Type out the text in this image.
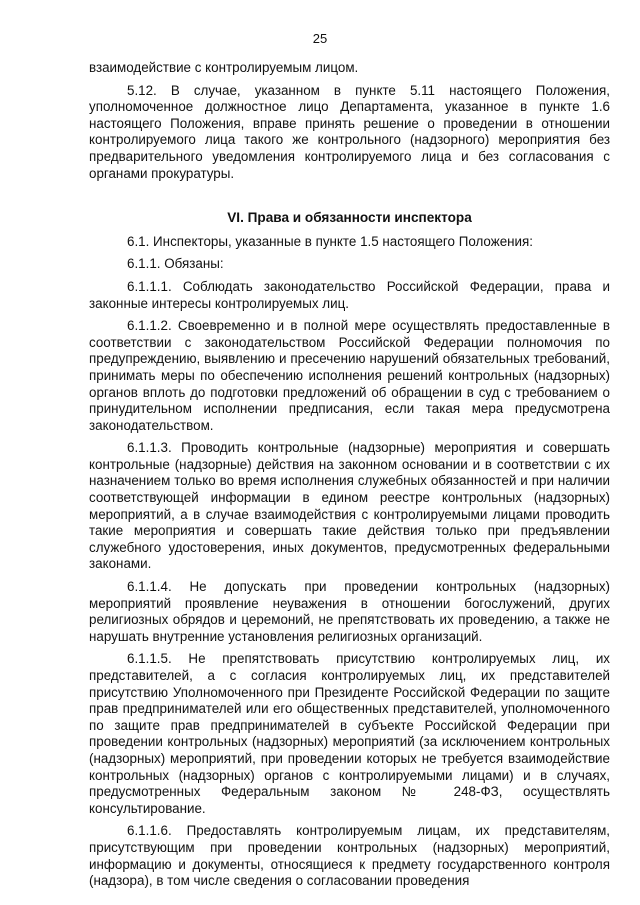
25

взаимодействие с контролируемым лицом.

5.12. В случае, указанном в пункте 5.11 настоящего Положения, уполномоченное должностное лицо Департамента, указанное в пункте 1.6 настоящего Положения, вправе принять решение о проведении в отношении контролируемого лица такого же контрольного (надзорного) мероприятия без предварительного уведомления контролируемого лица и без согласования с органами прокуратуры.

VI. Права и обязанности инспектора

6.1. Инспекторы, указанные в пункте 1.5 настоящего Положения:

6.1.1. Обязаны:

6.1.1.1. Соблюдать законодательство Российской Федерации, права и законные интересы контролируемых лиц.

6.1.1.2. Своевременно и в полной мере осуществлять предоставленные в соответствии с законодательством Российской Федерации полномочия по предупреждению, выявлению и пресечению нарушений обязательных требований, принимать меры по обеспечению исполнения решений контрольных (надзорных) органов вплоть до подготовки предложений об обращении в суд с требованием о принудительном исполнении предписания, если такая мера предусмотрена законодательством.

6.1.1.3. Проводить контрольные (надзорные) мероприятия и совершать контрольные (надзорные) действия на законном основании и в соответствии с их назначением только во время исполнения служебных обязанностей и при наличии соответствующей информации в едином реестре контрольных (надзорных) мероприятий, а в случае взаимодействия с контролируемыми лицами проводить такие мероприятия и совершать такие действия только при предъявлении служебного удостоверения, иных документов, предусмотренных федеральными законами.

6.1.1.4. Не допускать при проведении контрольных (надзорных) мероприятий проявление неуважения в отношении богослужений, других религиозных обрядов и церемоний, не препятствовать их проведению, а также не нарушать внутренние установления религиозных организаций.

6.1.1.5. Не препятствовать присутствию контролируемых лиц, их представителей, а с согласия контролируемых лиц, их представителей присутствию Уполномоченного при Президенте Российской Федерации по защите прав предпринимателей или его общественных представителей, уполномоченного по защите прав предпринимателей в субъекте Российской Федерации при проведении контрольных (надзорных) мероприятий (за исключением контрольных (надзорных) мероприятий, при проведении которых не требуется взаимодействие контрольных (надзорных) органов с контролируемыми лицами) и в случаях, предусмотренных Федеральным законом № 248-ФЗ, осуществлять консультирование.

6.1.1.6. Предоставлять контролируемым лицам, их представителям, присутствующим при проведении контрольных (надзорных) мероприятий, информацию и документы, относящиеся к предмету государственного контроля (надзора), в том числе сведения о согласовании проведения
